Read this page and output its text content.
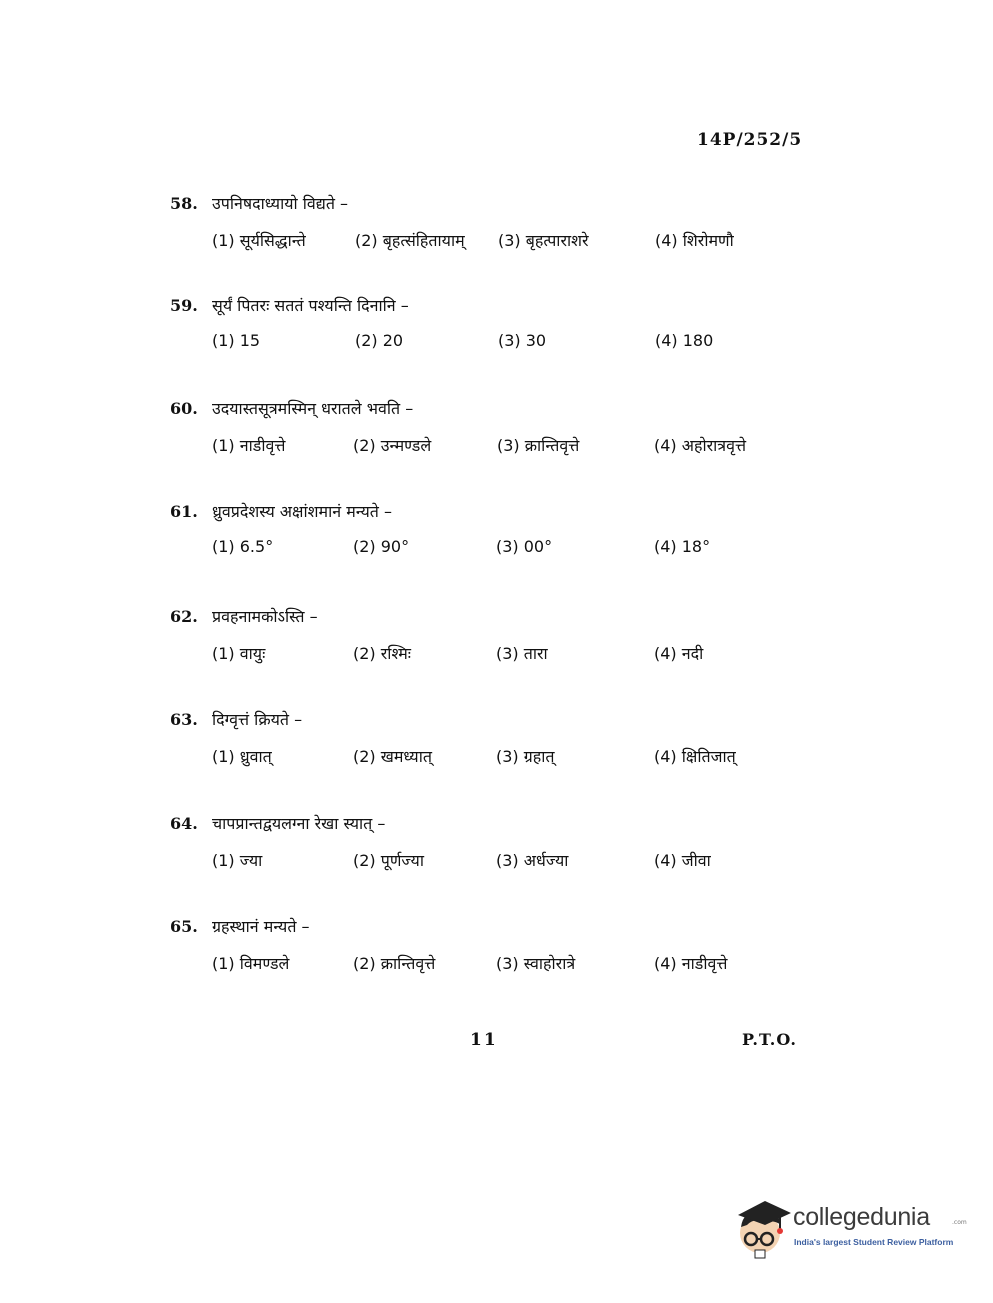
14P/252/5
58. उपनिषदाध्यायो विद्यते –
(1) सूर्यसिद्धान्ते	(2) बृहत्संहितायाम् (3) बृहत्पाराशरे	(4) शिरोमणौ
59. सूर्यं पितरः सततं पश्यन्ति दिनानि –
(1) 15	(2) 20	(3) 30	(4) 180
60. उदयास्तसूत्रमस्मिन् धरातले भवति –
(1) नाडीवृत्ते	(2) उन्मण्डले	(3) क्रान्तिवृत्ते	(4) अहोरात्रवृत्ते
61. ध्रुवप्रदेशस्य अक्षांशमानं मन्यते –
(1) 6.5°	(2) 90°	(3) 00°	(4) 18°
62. प्रवहनामकोऽस्ति –
(1) वायुः	(2) रश्मिः	(3) तारा	(4) नदी
63. दिग्वृत्तं क्रियते –
(1) ध्रुवात्	(2) खमध्यात्	(3) ग्रहात्	(4) क्षितिजात्
64. चापप्रान्तद्वयलग्ना रेखा स्यात् –
(1) ज्या	(2) पूर्णज्या	(3) अर्धज्या	(4) जीवा
65. ग्रहस्थानं मन्यते –
(1) विमण्डले	(2) क्रान्तिवृत्ते	(3) स्वाहोरात्रे	(4) नाडीवृत्ते
11	P.T.O.
collegedunia	.com
India's largest Student Review Platform
